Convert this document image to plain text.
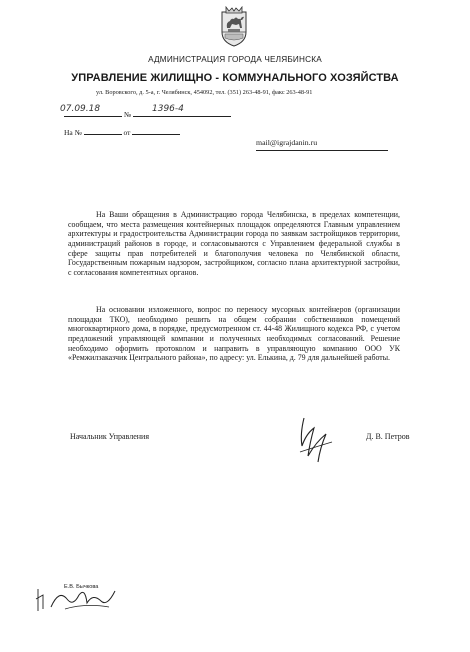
АДМИНИСТРАЦИЯ ГОРОДА ЧЕЛЯБИНСКА
УПРАВЛЕНИЕ ЖИЛИЩНО - КОММУНАЛЬНОГО ХОЗЯЙСТВА
ул. Воровского, д. 5-а, г. Челябинск, 454092, тел. (351) 263-48-91, факс 263-48-91
№
07.09.18	1396-4
На №	от
mail@igrajdanin.ru
На Ваши обращения в Администрацию города Челябинска, в пределах компетенции, сообщаем, что места размещения контейнерных площадок определяются Главным управлением архитектуры и градостроительства Администрации города по заявкам застройщиков территории, администраций районов в городе, и согласовываются с Управлением федеральной службы в сфере защиты прав потребителей и благополучия человека по Челябинской области, Государственным пожарным надзором, застройщиком, согласно плана архитектурной застройки, с согласования компетентных органов.
На основании изложенного, вопрос по переносу мусорных контейнеров (организации площадки ТКО), необходимо решить на общем собрании собственников помещений многоквартирного дома, в порядке, предусмотренном ст. 44-48 Жилищного кодекса РФ, с учетом предложений управляющей компании и полученных необходимых согласований. Решение необходимо оформить протоколом и направить в управляющую компанию ООО УК «Ремжилзаказчик Центрального района», по адресу: ул. Елькина, д. 79 для дальнейшей работы.
Начальник Управления	Д. В. Петров
Е.В. Бычкова
